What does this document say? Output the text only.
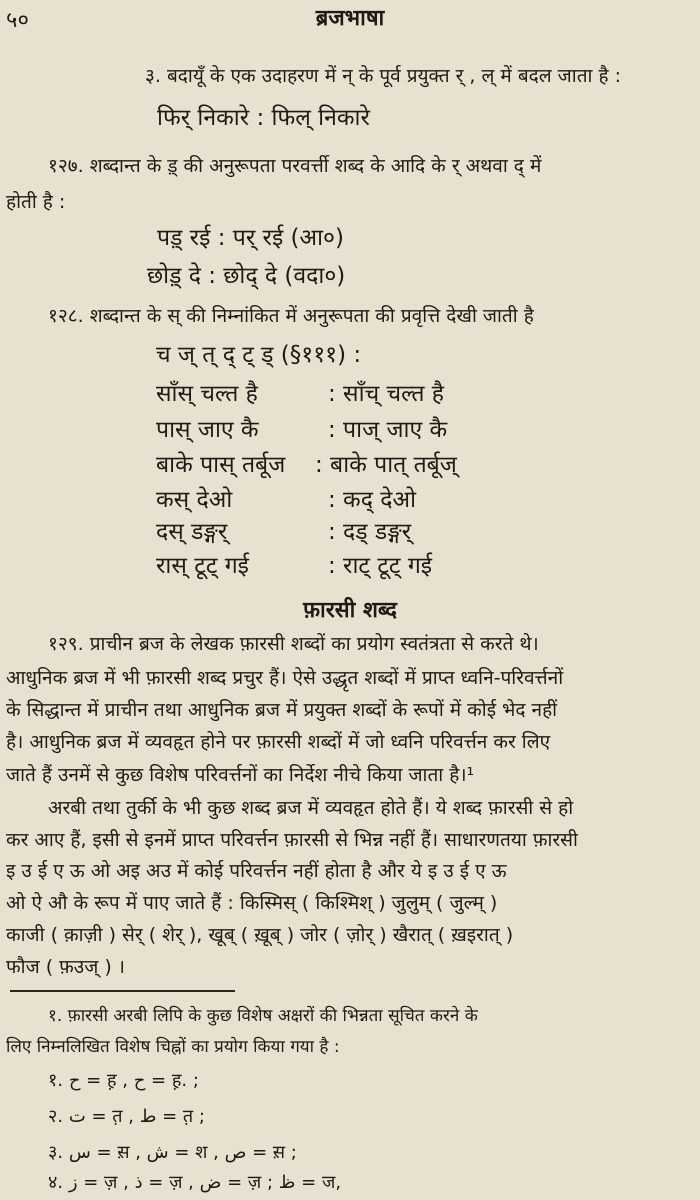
५०	ब्रजभाषा
३. बदायूँ के एक उदाहरण में न् के पूर्व प्रयुक्त र् , ल् में बदल जाता है :
फिर् निकारे : फिल् निकारे
१२७. शब्दान्त के ड़् की अनुरूपता परवर्त्ती शब्द के आदि के र् अथवा द् में
होती है :
पड़् रई : पर् रई (आ०)
छोड़् दे : छोद् दे (वदा०)
१२८. शब्दान्त के स् की निम्नांकित में अनुरूपता की प्रवृत्ति देखी जाती है
च ज् त् द् ट् ड् (§१११) :
साँस् चल्त है	: साँच् चल्त है
पास् जाए कै	: पाज् जाए कै
बाके पास् तर्बूज : बाके पात् तर्बूज्
कस् देओ	: कद् देओ
दस् डङ्गर्	: दड् डङ्गर्
रास् टूट् गई	: राट् टूट् गई
फ़ारसी शब्द
१२९. प्राचीन ब्रज के लेखक फ़ारसी शब्दों का प्रयोग स्वतंत्रता से करते थे।
आधुनिक ब्रज में भी फ़ारसी शब्द प्रचुर हैं। ऐसे उद्धृत शब्दों में प्राप्त ध्वनि-परिवर्त्तनों
के सिद्धान्त में प्राचीन तथा आधुनिक ब्रज में प्रयुक्त शब्दों के रूपों में कोई भेद नहीं
है। आधुनिक ब्रज में व्यवहृत होने पर फ़ारसी शब्दों में जो ध्वनि परिवर्त्तन कर लिए
जाते हैं उनमें से कुछ विशेष परिवर्त्तनों का निर्देश नीचे किया जाता है।¹
अरबी तथा तुर्की के भी कुछ शब्द ब्रज में व्यवहृत होते हैं। ये शब्द फ़ारसी से हो
कर आए हैं, इसी से इनमें प्राप्त परिवर्त्तन फ़ारसी से भिन्न नहीं हैं। साधारणतया फ़ारसी
इ उ ई ए ऊ ओ अइ अउ में कोई परिवर्त्तन नहीं होता है और ये इ उ ई ए ऊ
ओ ऐ औ के रूप में पाए जाते हैं : किस्मिस् ( किश्मिश् ) जुलुम् ( जुल्म् )
काजी ( क़ाज़ी ) सेर् ( शेर् ), खूब् ( ख़ूब् ) जोर ( ज़ोर् ) खैरात् ( ख़इरात् )
फौज ( फ़उज् ) ।
१. फ़ारसी अरबी लिपि के कुछ विशेष अक्षरों की भिन्नता सूचित करने के
लिए निम्नलिखित विशेष चिह्नों का प्रयोग किया गया है :
१. ح = ह़ , ح = ह़. ;
२. ت = त़ , ط = त़ ;
३. س = स़ , ش = श , ص = स़ ;
४. ز = ज़ , ذ = ज़ , ض = ज़ ; ظ = ज,
